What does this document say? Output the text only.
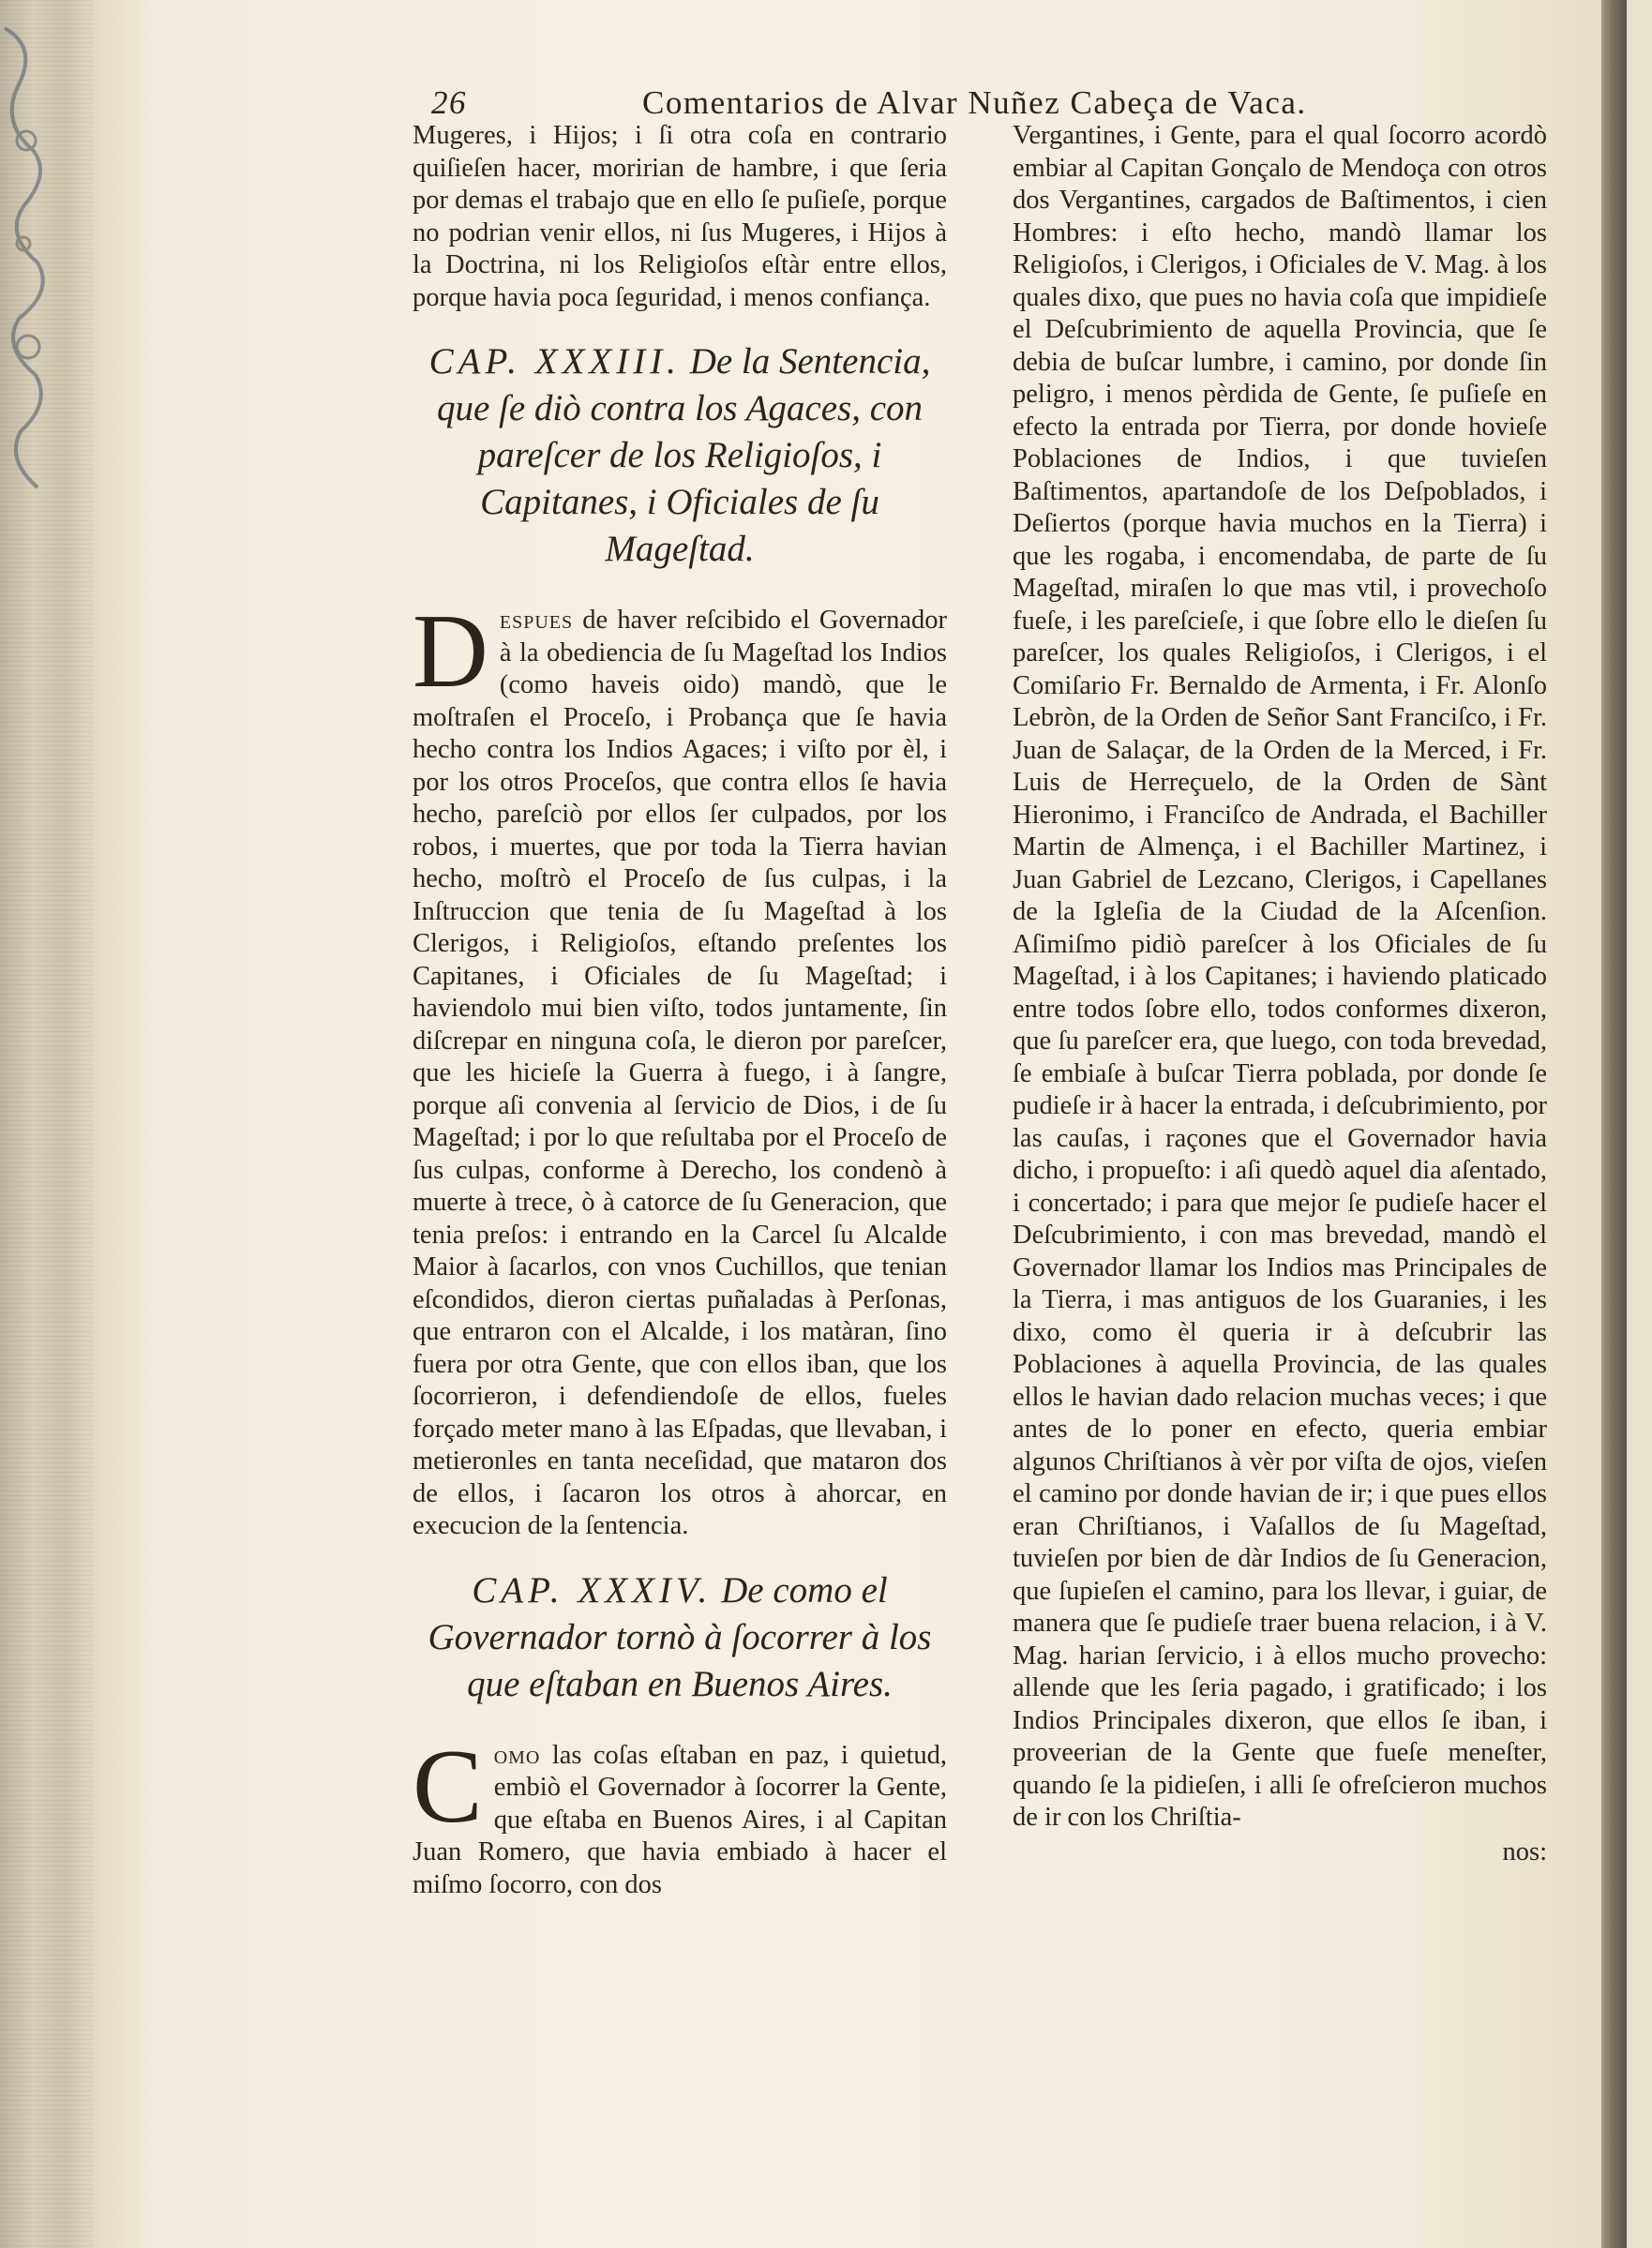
26	Comentarios de Alvar Nuñez Cabeça de Vaca.

Mugeres, i Hijos; i ſi otra coſa en contrario quiſieſen hacer, moririan de hambre, i que ſeria por demas el trabajo que en ello ſe puſieſe, porque no podrian venir ellos, ni ſus Mugeres, i Hijos à la Doctrina, ni los Religioſos eſtàr entre ellos, porque havia poca ſeguridad, i menos confiança.

CAP. XXXIII. De la Sentencia, que ſe diò contra los Agaces, con pareſcer de los Religioſos, i Capitanes, i Oficiales de ſu Mageſtad.

Despues de haver reſcibido el Governador à la obediencia de ſu Mageſtad los Indios (como haveis oido) mandò, que le moſtraſen el Proceſo, i Probança que ſe havia hecho contra los Indios Agaces; i viſto por èl, i por los otros Proceſos, que contra ellos ſe havia hecho, pareſciò por ellos ſer culpados, por los robos, i muertes, que por toda la Tierra havian hecho, moſtrò el Proceſo de ſus culpas, i la Inſtruccion que tenia de ſu Mageſtad à los Clerigos, i Religioſos, eſtando preſentes los Capitanes, i Oficiales de ſu Mageſtad; i haviendolo mui bien viſto, todos juntamente, ſin diſcrepar en ninguna coſa, le dieron por pareſcer, que les hicieſe la Guerra à fuego, i à ſangre, porque aſi convenia al ſervicio de Dios, i de ſu Mageſtad; i por lo que reſultaba por el Proceſo de ſus culpas, conforme à Derecho, los condenò à muerte à trece, ò à catorce de ſu Generacion, que tenia preſos: i entrando en la Carcel ſu Alcalde Maior à ſacarlos, con vnos Cuchillos, que tenian eſcondidos, dieron ciertas puñaladas à Perſonas, que entraron con el Alcalde, i los matàran, ſino fuera por otra Gente, que con ellos iban, que los ſocorrieron, i defendiendoſe de ellos, fueles forçado meter mano à las Eſpadas, que llevaban, i metieronles en tanta neceſidad, que mataron dos de ellos, i ſacaron los otros à ahorcar, en execucion de la ſentencia.

CAP. XXXIV. De como el Governador tornò à ſocorrer à los que eſtaban en Buenos Aires.

Como las coſas eſtaban en paz, i quietud, embiò el Governador à ſocorrer la Gente, que eſtaba en Buenos Aires, i al Capitan Juan Romero, que havia embiado à hacer el miſmo ſocorro, con dos

Vergantines, i Gente, para el qual ſocorro acordò embiar al Capitan Gonçalo de Mendoça con otros dos Vergantines, cargados de Baſtimentos, i cien Hombres: i eſto hecho, mandò llamar los Religioſos, i Clerigos, i Oficiales de V. Mag. à los quales dixo, que pues no havia coſa que impidieſe el Deſcubrimiento de aquella Provincia, que ſe debia de buſcar lumbre, i camino, por donde ſin peligro, i menos pèrdida de Gente, ſe puſieſe en efecto la entrada por Tierra, por donde hovieſe Poblaciones de Indios, i que tuvieſen Baſtimentos, apartandoſe de los Deſpoblados, i Deſiertos (porque havia muchos en la Tierra) i que les rogaba, i encomendaba, de parte de ſu Mageſtad, miraſen lo que mas vtil, i provechoſo fueſe, i les pareſcieſe, i que ſobre ello le dieſen ſu pareſcer, los quales Religioſos, i Clerigos, i el Comiſario Fr. Bernaldo de Armenta, i Fr. Alonſo Lebròn, de la Orden de Señor Sant Franciſco, i Fr. Juan de Salaçar, de la Orden de la Merced, i Fr. Luis de Herreçuelo, de la Orden de Sànt Hieronimo, i Franciſco de Andrada, el Bachiller Martin de Almença, i el Bachiller Martinez, i Juan Gabriel de Lezcano, Clerigos, i Capellanes de la Igleſia de la Ciudad de la Aſcenſion. Aſimiſmo pidiò pareſcer à los Oficiales de ſu Mageſtad, i à los Capitanes; i haviendo platicado entre todos ſobre ello, todos conformes dixeron, que ſu pareſcer era, que luego, con toda brevedad, ſe embiaſe à buſcar Tierra poblada, por donde ſe pudieſe ir à hacer la entrada, i deſcubrimiento, por las cauſas, i raçones que el Governador havia dicho, i propueſto: i aſi quedò aquel dia aſentado, i concertado; i para que mejor ſe pudieſe hacer el Deſcubrimiento, i con mas brevedad, mandò el Governador llamar los Indios mas Principales de la Tierra, i mas antiguos de los Guaranies, i les dixo, como èl queria ir à deſcubrir las Poblaciones à aquella Provincia, de las quales ellos le havian dado relacion muchas veces; i que antes de lo poner en efecto, queria embiar algunos Chriſtianos à vèr por viſta de ojos, vieſen el camino por donde havian de ir; i que pues ellos eran Chriſtianos, i Vaſallos de ſu Mageſtad, tuvieſen por bien de dàr Indios de ſu Generacion, que ſupieſen el camino, para los llevar, i guiar, de manera que ſe pudieſe traer buena relacion, i à V. Mag. harian ſervicio, i à ellos mucho provecho: allende que les ſeria pagado, i gratificado; i los Indios Principales dixeron, que ellos ſe iban, i proveerian de la Gente que fueſe meneſter, quando ſe la pidieſen, i alli ſe ofreſcieron muchos de ir con los Chriſtia-

nos:
